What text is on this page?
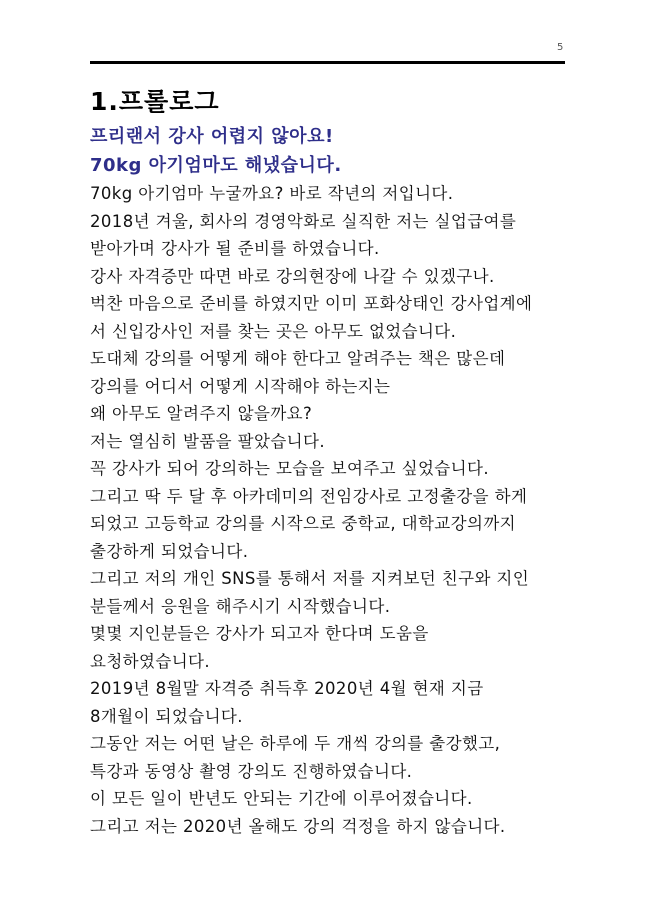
5
1.프롤로그

프리랜서 강사 어렵지 않아요!

70kg 아기엄마도 해냈습니다.

70kg 아기엄마 누굴까요? 바로 작년의 저입니다.
2018년 겨울, 회사의 경영악화로 실직한 저는 실업급여를
받아가며 강사가 될 준비를 하였습니다.
강사 자격증만 따면 바로 강의현장에 나갈 수 있겠구나.
벅찬 마음으로 준비를 하였지만 이미 포화상태인 강사업계에
서 신입강사인 저를 찾는 곳은 아무도 없었습니다.
도대체 강의를 어떻게 해야 한다고 알려주는 책은 많은데
강의를 어디서 어떻게 시작해야 하는지는
왜 아무도 알려주지 않을까요?
저는 열심히 발품을 팔았습니다.
꼭 강사가 되어 강의하는 모습을 보여주고 싶었습니다.
그리고 딱 두 달 후 아카데미의 전임강사로 고정출강을 하게
되었고 고등학교 강의를 시작으로 중학교, 대학교강의까지
출강하게 되었습니다.
그리고 저의 개인 SNS를 통해서 저를 지켜보던 친구와 지인
분들께서 응원을 해주시기 시작했습니다.
몇몇 지인분들은 강사가 되고자 한다며 도움을
요청하였습니다.
2019년 8월말 자격증 취득후 2020년 4월 현재 지금
8개월이 되었습니다.
그동안 저는 어떤 날은 하루에 두 개씩 강의를 출강했고,
특강과 동영상 촬영 강의도 진행하였습니다.
이 모든 일이 반년도 안되는 기간에 이루어졌습니다.
그리고 저는 2020년 올해도 강의 걱정을 하지 않습니다.
